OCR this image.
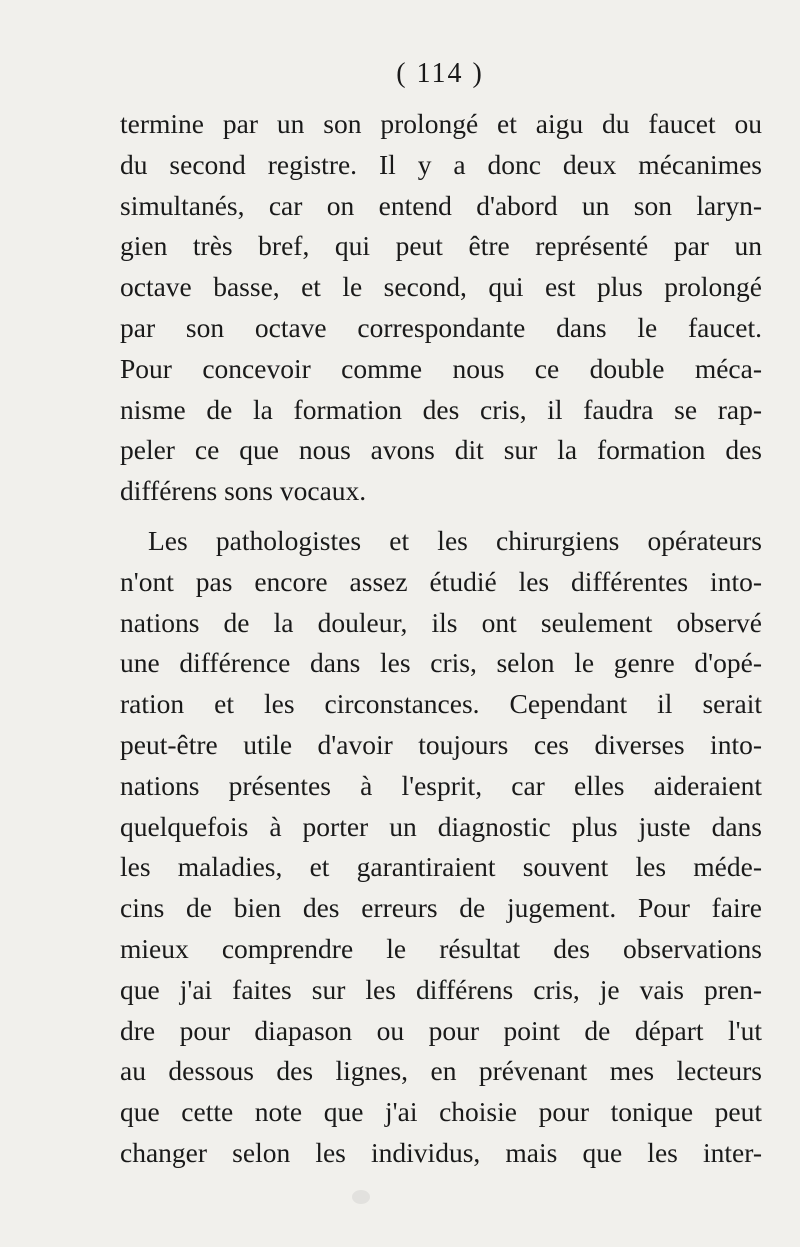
( 114 )
termine par un son prolongé et aigu du faucet ou
du second registre. Il y a donc deux mécanimes
simultanés, car on entend d'abord un son laryn-
gien très bref, qui peut être représenté par un
octave basse, et le second, qui est plus prolongé
par son octave correspondante dans le faucet.
Pour concevoir comme nous ce double méca-
nisme de la formation des cris, il faudra se rap-
peler ce que nous avons dit sur la formation des
différens sons vocaux.
Les pathologistes et les chirurgiens opérateurs
n'ont pas encore assez étudié les différentes into-
nations de la douleur, ils ont seulement observé
une différence dans les cris, selon le genre d'opé-
ration et les circonstances. Cependant il serait
peut-être utile d'avoir toujours ces diverses into-
nations présentes à l'esprit, car elles aideraient
quelquefois à porter un diagnostic plus juste dans
les maladies, et garantiraient souvent les méde-
cins de bien des erreurs de jugement. Pour faire
mieux comprendre le résultat des observations
que j'ai faites sur les différens cris, je vais pren-
dre pour diapason ou pour point de départ l'ut
au dessous des lignes, en prévenant mes lecteurs
que cette note que j'ai choisie pour tonique peut
changer selon les individus, mais que les inter-
